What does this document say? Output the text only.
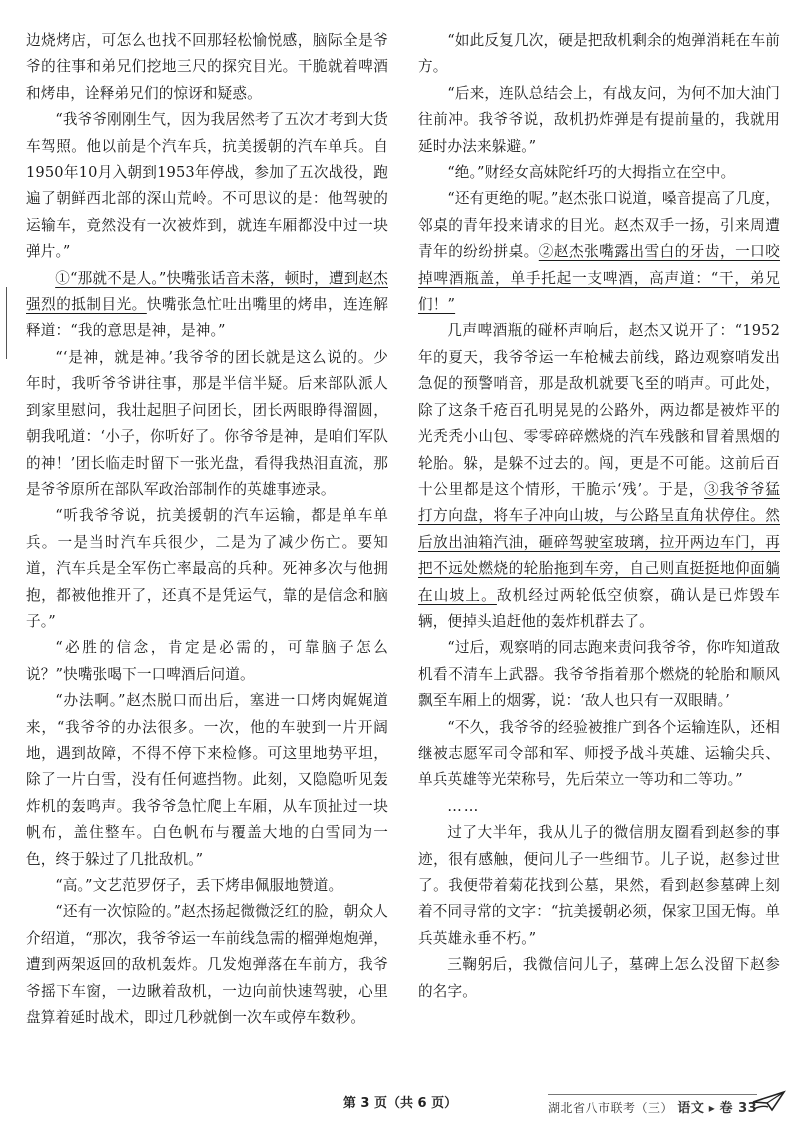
边烧烤店，可怎么也找不回那轻松愉悦感，脑际全是爷爷的往事和弟兄们挖地三尺的探究目光。干脆就着啤酒和烤串，诠释弟兄们的惊讶和疑惑。

“我爷爷刚刚生气，因为我居然考了五次才考到大货车驾照。他以前是个汽车兵，抗美援朝的汽车单兵。自1950年10月入朝到1953年停战，参加了五次战役，跑遍了朝鲜西北部的深山荒岭。不可思议的是：他驾驶的运输车，竟然没有一次被炸到，就连车厢都没中过一块弹片。”

①“那就不是人。”快嘴张话音未落，顿时，遭到赵杰强烈的抵制目光。快嘴张急忙吐出嘴里的烤串，连连解释道：“我的意思是神，是神。”

“‘是神，就是神。’我爷爷的团长就是这么说的。少年时，我听爷爷讲往事，那是半信半疑。后来部队派人到家里慰问，我壮起胆子问团长，团长两眼睁得溜圆，朝我吼道：‘小子，你听好了。你爷爷是神，是咱们军队的神！’团长临走时留下一张光盘，看得我热泪直流，那是爷爷原所在部队军政治部制作的英雄事迹录。

“听我爷爷说，抗美援朝的汽车运输，都是单车单兵。一是当时汽车兵很少，二是为了减少伤亡。要知道，汽车兵是全军伤亡率最高的兵种。死神多次与他拥抱，都被他推开了，还真不是凭运气，靠的是信念和脑子。”

“必胜的信念，肯定是必需的，可靠脑子怎么说？”快嘴张喝下一口啤酒后问道。

“办法啊。”赵杰脱口而出后，塞进一口烤肉娓娓道来，“我爷爷的办法很多。一次，他的车驶到一片开阔地，遇到故障，不得不停下来检修。可这里地势平坦，除了一片白雪，没有任何遮挡物。此刻，又隐隐听见轰炸机的轰鸣声。我爷爷急忙爬上车厢，从车顶扯过一块帆布，盖住整车。白色帆布与覆盖大地的白雪同为一色，终于躲过了几批敌机。”

“高。”文艺范罗伢子，丢下烤串佩服地赞道。

“还有一次惊险的。”赵杰扬起微微泛红的脸，朝众人介绍道，“那次，我爷爷运一车前线急需的榴弹炮炮弹，遭到两架返回的敌机轰炸。几发炮弹落在车前方，我爷爷摇下车窗，一边瞅着敌机，一边向前快速驾驶，心里盘算着延时战术，即过几秒就倒一次车或停车数秒。

“如此反复几次，硬是把敌机剩余的炮弹消耗在车前方。

“后来，连队总结会上，有战友问，为何不加大油门往前冲。我爷爷说，敌机扔炸弹是有提前量的，我就用延时办法来躲避。”

“绝。”财经女高妹陀纤巧的大拇指立在空中。

“还有更绝的呢。”赵杰张口说道，嗓音提高了几度，邻桌的青年投来请求的目光。赵杰双手一扬，引来周遭青年的纷纷拼桌。②赵杰张嘴露出雪白的牙齿，一口咬掉啤酒瓶盖，单手托起一支啤酒，高声道：“干，弟兄们！”

几声啤酒瓶的碰杯声响后，赵杰又说开了：“1952年的夏天，我爷爷运一车枪械去前线，路边观察哨发出急促的预警哨音，那是敌机就要飞至的哨声。可此处，除了这条千疮百孔明晃晃的公路外，两边都是被炸平的光秃秃小山包、零零碎碎燃烧的汽车残骸和冒着黑烟的轮胎。躲，是躲不过去的。闯，更是不可能。这前后百十公里都是这个情形，干脆示‘残’。于是，③我爷爷猛打方向盘，将车子冲向山坡，与公路呈直角状停住。然后放出油箱汽油，砸碎驾驶室玻璃，拉开两边车门，再把不远处燃烧的轮胎拖到车旁，自己则直挺挺地仰面躺在山坡上。敌机经过两轮低空侦察，确认是已炸毁车辆，便掉头追赶他的轰炸机群去了。

“过后，观察哨的同志跑来责问我爷爷，你咋知道敌机看不清车上武器。我爷爷指着那个燃烧的轮胎和顺风飘至车厢上的烟雾，说：‘敌人也只有一双眼睛。’

“不久，我爷爷的经验被推广到各个运输连队，还相继被志愿军司令部和军、师授予战斗英雄、运输尖兵、单兵英雄等光荣称号，先后荣立一等功和二等功。”

……

过了大半年，我从儿子的微信朋友圈看到赵参的事迹，很有感触，便问儿子一些细节。儿子说，赵参过世了。我便带着菊花找到公墓，果然，看到赵参墓碑上刻着不同寻常的文字：“抗美援朝必须，保家卫国无悔。单兵英雄永垂不朽。”

三鞠躬后，我微信问儿子，墓碑上怎么没留下赵参的名字。

第 3 页（共 6 页）	湖北省八市联考（三） 语文 ▸ 卷 33
